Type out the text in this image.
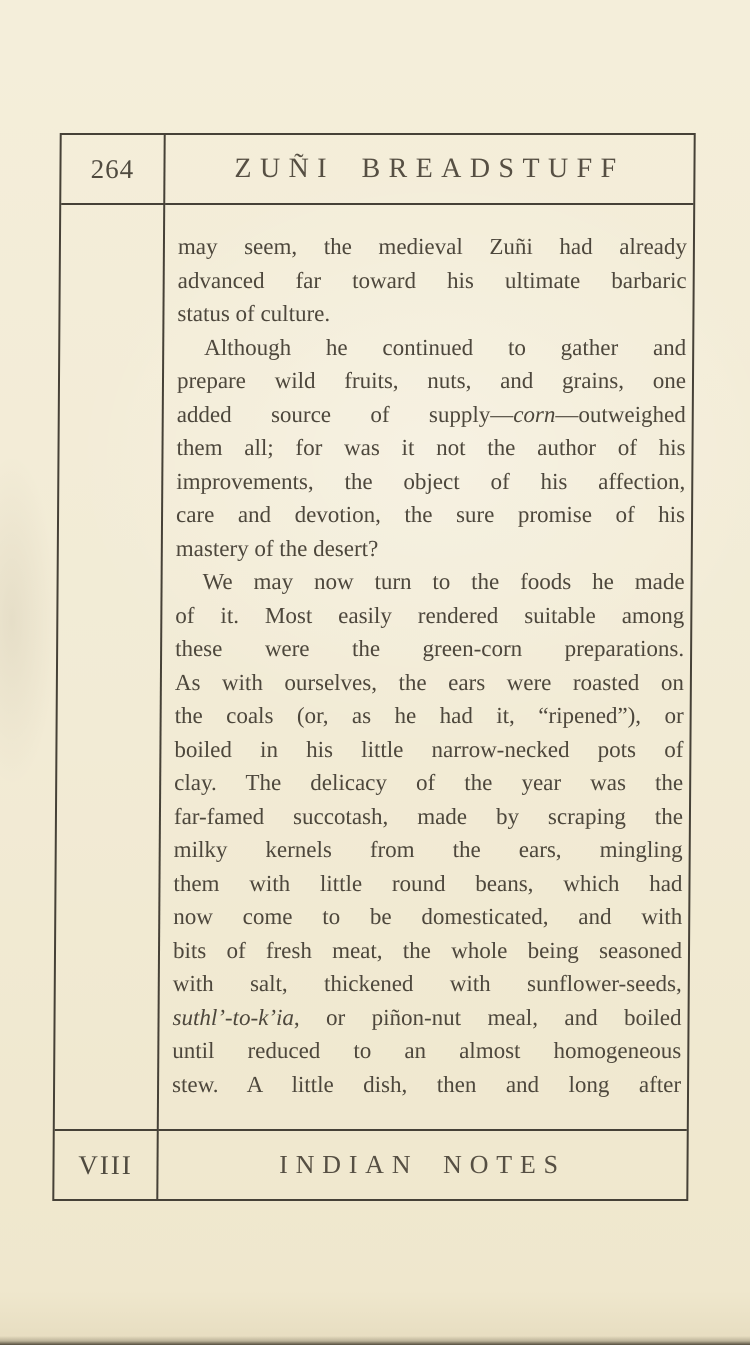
264	ZUÑI BREADSTUFF
may seem, the medieval Zuñi had already
advanced far toward his ultimate barbaric
status of culture.
Although he continued to gather and
prepare wild fruits, nuts, and grains, one
added source of supply—corn—outweighed
them all; for was it not the author of his
improvements, the object of his affection,
care and devotion, the sure promise of his
mastery of the desert?
We may now turn to the foods he made
of it. Most easily rendered suitable among
these were the green-corn preparations.
As with ourselves, the ears were roasted on
the coals (or, as he had it, “ripened”), or
boiled in his little narrow-necked pots of
clay. The delicacy of the year was the
far-famed succotash, made by scraping the
milky kernels from the ears, mingling
them with little round beans, which had
now come to be domesticated, and with
bits of fresh meat, the whole being seasoned
with salt, thickened with sunflower-seeds,
suthl’-to-k’ia, or piñon-nut meal, and boiled
until reduced to an almost homogeneous
stew. A little dish, then and long after
VIII	INDIAN NOTES
